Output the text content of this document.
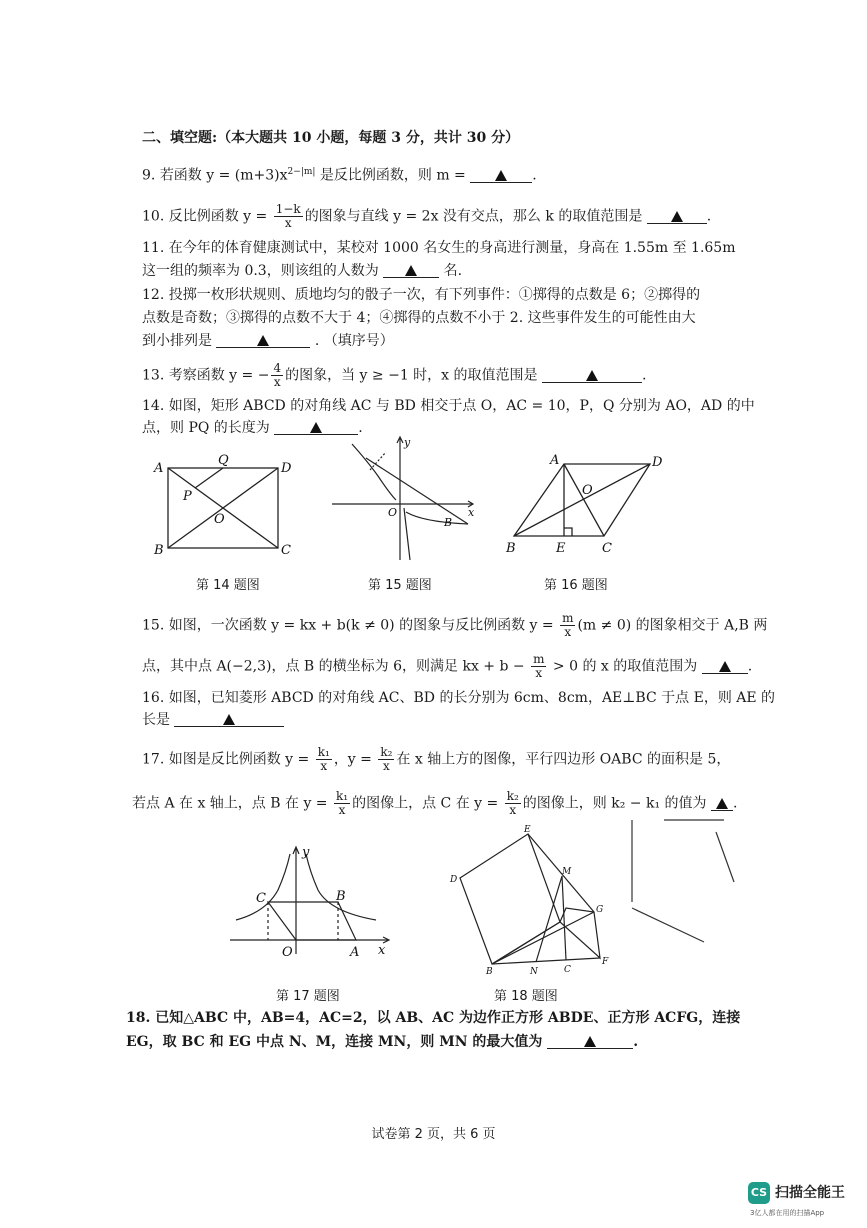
二、填空题:（本大题共 10 小题，每题 3 分，共计 30 分）
9. 若函数 $y = (m+3)x^{2-|m|}$ 是反比例函数，则 m =	.
10. 反比例函数 $y = \frac{1-k}{x}$ 的图象与直线 y = 2x 没有交点，那么 k 的取值范围是	.
11. 在今年的体育健康测试中，某校对 1000 名女生的身高进行测量，身高在 1.55m 至 1.65m
这一组的频率为 0.3，则该组的人数为	名.
12. 投掷一枚形状规则、质地均匀的骰子一次，有下列事件：①掷得的点数是 6；②掷得的
点数是奇数；③掷得的点数不大于 4；④掷得的点数不小于 2. 这些事件发生的可能性由大
到小排列是	. （填序号）
13. 考察函数 y = − $\frac{4}{x}$ 的图象，当 y ≥ −1 时，x 的取值范围是	.
14. 如图，矩形 ABCD 的对角线 AC 与 BD 相交于点 O，AC = 10，P，Q 分别为 AO，AD 的中
点，则 PQ 的长度为	.
A
Q
D
P
O
B	C
y
O
B
x
A	D
O
B	E	C
第 14 题图	第 15 题图	第 16 题图
15. 如图，一次函数 y = kx + b(k ≠ 0) 的图象与反比例函数 $y = \frac{m}{x} (m \ne 0)$ 的图象相交于 A,B 两
点，其中点 A(−2,3)，点 B 的横坐标为 6，则满足 kx + $b - \frac{m}{x} > 0$ 的 x 的取值范围为	.
16. 如图，已知菱形 ABCD 的对角线 AC、BD 的长分别为 6cm、8cm，AE⊥BC 于点 E，则 AE 的
长是
17. 如图是反比例函数 $y = \frac{\text{k₁}}{x}$ ，$y = \frac{\text{k₂}}{x}$ 在 x 轴上方的图像，平行四边形 OABC 的面积是 5，
若点 A 在 x 轴上，点 B 在 $y = \frac{\text{k₁}}{x}$ 的图像上，点 C 在 $y = \frac{\text{k₂}}{x}$ 的图像上，则 k₂ − k₁ 的值为 .
y
C	B
O	A x
E
D
M
G
B	N	C
F
第 17 题图	第 18 题图
18. 已知△ABC 中，AB=4，AC=2，以 AB、AC 为边作正方形 ABDE、正方形 ACFG，连接
EG，取 BC 和 EG 中点 N、M，连接 MN，则 MN 的最大值为	.
试卷第 2 页，共 6 页
CS 扫描全能王
3亿人都在用的扫描App
